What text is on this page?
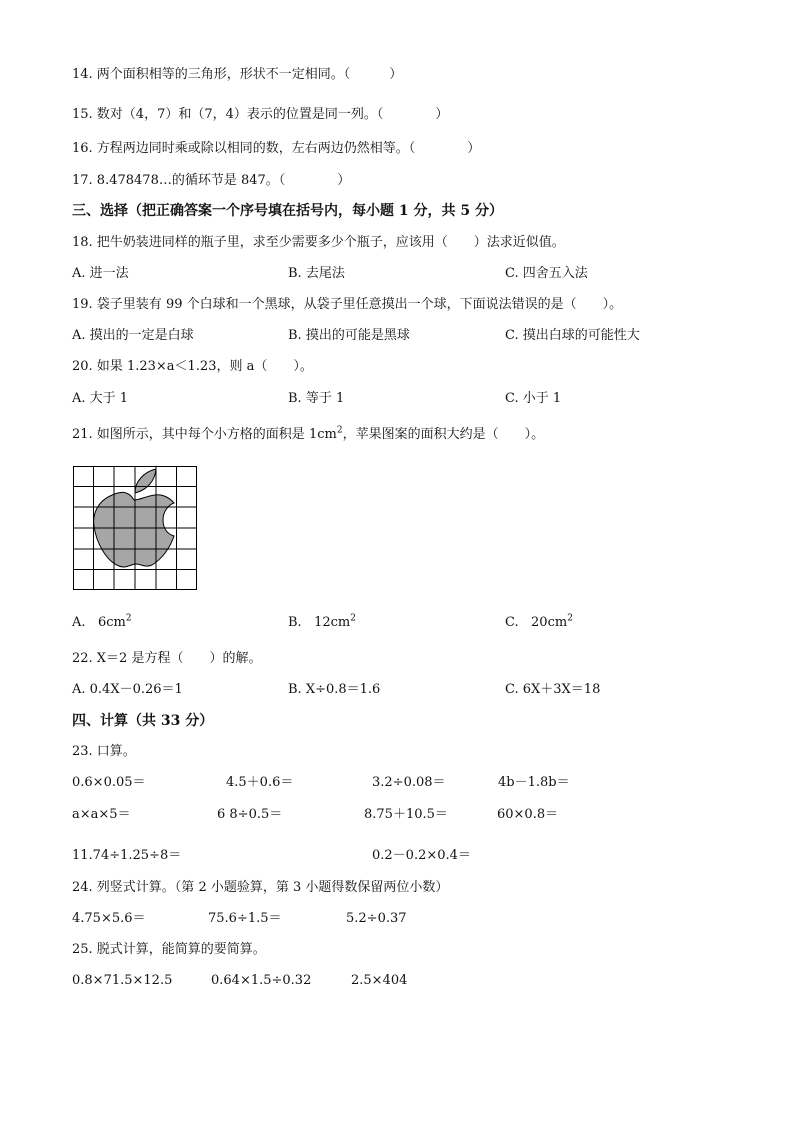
14. 两个面积相等的三角形，形状不一定相同。（　　　）
15. 数对（4，7）和（7，4）表示的位置是同一列。（　　　　）
16. 方程两边同时乘或除以相同的数，左右两边仍然相等。（　　　　）
17. 8.478478…的循环节是 847。（　　　　）
三、选择（把正确答案一个序号填在括号内，每小题 1 分，共 5 分）
18. 把牛奶装进同样的瓶子里，求至少需要多少个瓶子，应该用（　　）法求近似值。
A. 进一法	B. 去尾法	C. 四舍五入法
19. 袋子里装有 99 个白球和一个黑球，从袋子里任意摸出一个球，下面说法错误的是（　　）。
A. 摸出的一定是白球	B. 摸出的可能是黑球	C. 摸出白球的可能性大
20. 如果 1.23×a＜1.23，则 a（　　）。
A. 大于 1	B. 等于 1	C. 小于 1
21. 如图所示，其中每个小方格的面积是 $1cm^2$，苹果图案的面积大约是（　　）。
A. $6cm^2$	B. $12cm^2$	C. $20cm^2$
22. X＝2 是方程（　　）的解。
A. 0.4X－0.26＝1	B. X÷0.8＝1.6	C. 6X＋3X＝18
四、计算（共 33 分）
23. 口算。
0.6×0.05＝	4.5＋0.6＝	3.2÷0.08＝	4b－1.8b＝
a×a×5＝	6 8÷0.5＝	8.75＋10.5＝	60×0.8＝
11.74÷1.25÷8＝	0.2－0.2×0.4＝
24. 列竖式计算。（第 2 小题验算，第 3 小题得数保留两位小数）
4.75×5.6＝	75.6÷1.5＝	5.2÷0.37
25. 脱式计算，能简算的要简算。
0.8×71.5×12.5	0.64×1.5÷0.32	2.5×404
